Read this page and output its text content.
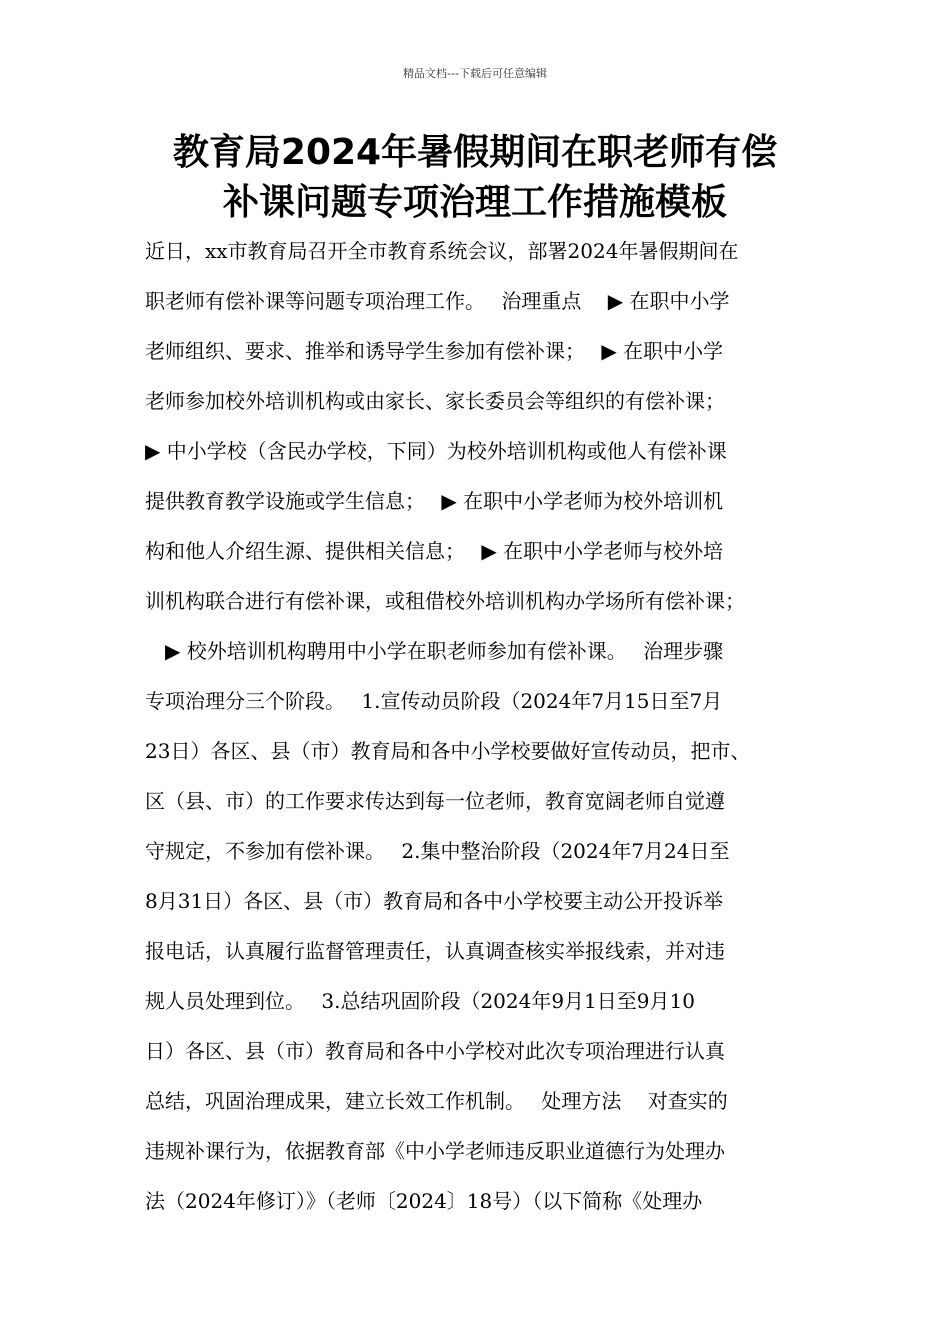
精品文档---下载后可任意编辑
教育局2024年暑假期间在职老师有偿
补课问题专项治理工作措施模板
近日，xx市教育局召开全市教育系统会议，部署2024年暑假期间在
职老师有偿补课等问题专项治理工作。　 治理重点　 ▶ 在职中小学
老师组织、要求、推举和诱导学生参加有偿补课；　 ▶ 在职中小学
老师参加校外培训机构或由家长、家长委员会等组织的有偿补课；
▶ 中小学校（含民办学校，下同）为校外培训机构或他人有偿补课
提供教育教学设施或学生信息；　 ▶ 在职中小学老师为校外培训机
构和他人介绍生源、提供相关信息；　 ▶ 在职中小学老师与校外培
训机构联合进行有偿补课，或租借校外培训机构办学场所有偿补课；
　▶ 校外培训机构聘用中小学在职老师参加有偿补课。　 治理步骤
专项治理分三个阶段。　 1.宣传动员阶段（2024年7月15日至7月
23日）各区、县（市）教育局和各中小学校要做好宣传动员，把市、
区（县、市）的工作要求传达到每一位老师，教育宽阔老师自觉遵
守规定，不参加有偿补课。　 2.集中整治阶段（2024年7月24日至
8月31日）各区、县（市）教育局和各中小学校要主动公开投诉举
报电话，认真履行监督管理责任，认真调查核实举报线索，并对违
规人员处理到位。　 3.总结巩固阶段（2024年9月1日至9月10
日）各区、县（市）教育局和各中小学校对此次专项治理进行认真
总结，巩固治理成果，建立长效工作机制。　 处理方法　 对查实的
违规补课行为，依据教育部《中小学老师违反职业道德行为处理办
法（2024年修订）》（老师〔2024〕18号）（以下简称《处理办
